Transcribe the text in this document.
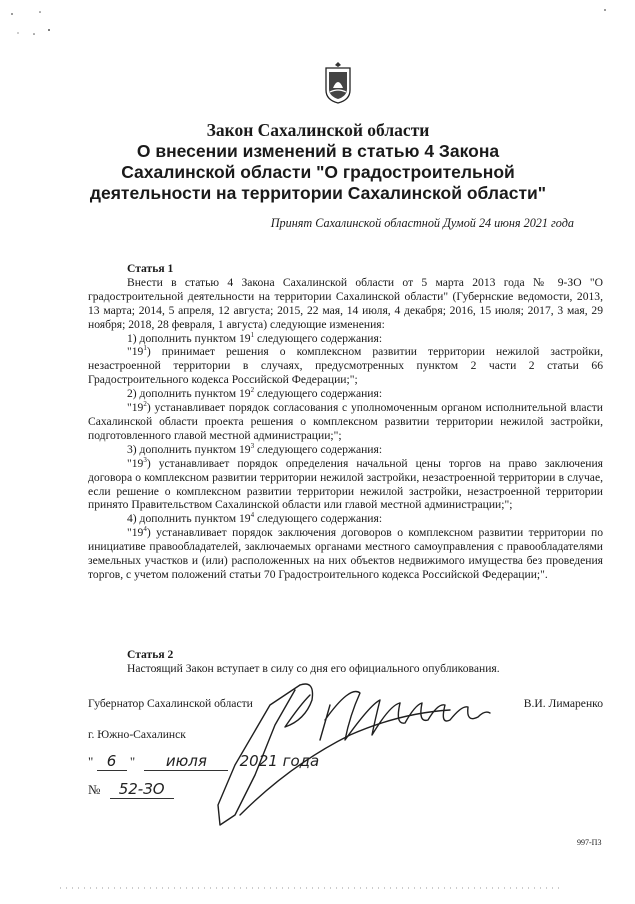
Закон Сахалинской области
О внесении изменений в статью 4 Закона
Сахалинской области "О градостроительной
деятельности на территории Сахалинской области"
Принят Сахалинской областной Думой 24 июня 2021 года

Статья 1

Внести в статью 4 Закона Сахалинской области от 5 марта 2013 года № 9-ЗО "О градостроительной деятельности на территории Сахалинской области" (Губернские ведомости, 2013, 13 марта; 2014, 5 апреля, 12 августа; 2015, 22 мая, 14 июля, 4 декабря; 2016, 15 июля; 2017, 3 мая, 29 ноября; 2018, 28 февраля, 1 августа) следующие изменения:

1) дополнить пунктом $19^1$ следующего содержания:

"$19^1$) принимает решения о комплексном развитии территории нежилой застройки, незастроенной территории в случаях, предусмотренных пунктом 2 части 2 статьи 66 Градостроительного кодекса Российской Федерации;";

2) дополнить пунктом $19^2$ следующего содержания:

"$19^2$) устанавливает порядок согласования с уполномоченным органом исполнительной власти Сахалинской области проекта решения о комплексном развитии территории нежилой застройки, подготовленного главой местной администрации;";

3) дополнить пунктом $19^3$ следующего содержания:

"$19^3$) устанавливает порядок определения начальной цены торгов на право заключения договора о комплексном развитии территории нежилой застройки, незастроенной территории в случае, если решение о комплексном развитии территории нежилой застройки, незастроенной территории принято Правительством Сахалинской области или главой местной администрации;";

4) дополнить пунктом $19^4$ следующего содержания:

"$19^4$) устанавливает порядок заключения договоров о комплексном развитии территории по инициативе правообладателей, заключаемых органами местного самоуправления с правообладателями земельных участков и (или) расположенных на них объектов недвижимого имущества без проведения торгов, с учетом положений статьи 70 Градостроительного кодекса Российской Федерации;".

Статья 2

Настоящий Закон вступает в силу со дня его официального опубликования.

Губернатор Сахалинской области	В.И. Лимаренко
г. Южно-Сахалинск
" 6 " июля 2021 года
№ 52-ЗО
997-П3
